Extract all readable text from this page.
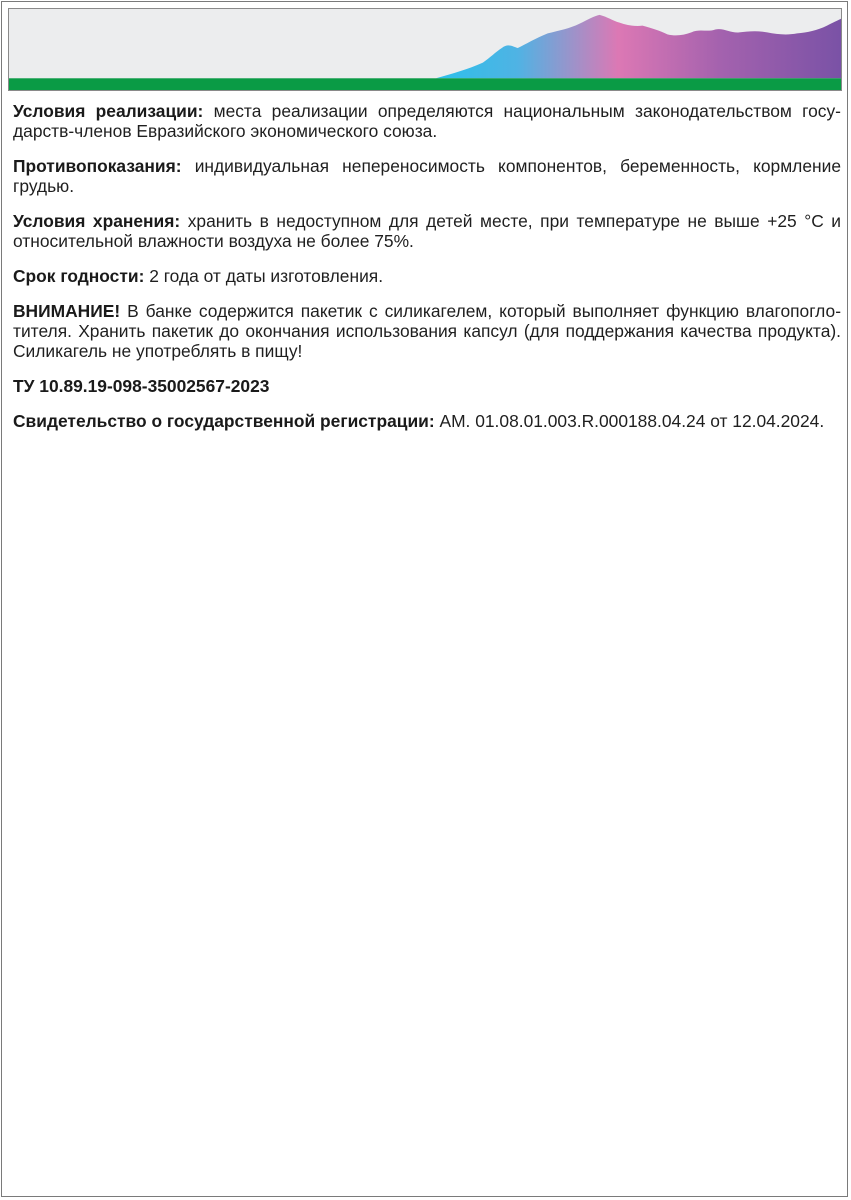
Условия реализации: места реализации определяются национальным законодательством госу-
дарств-членов Евразийского экономического союза.
Противопоказания: индивидуальная непереносимость компонентов, беременность, кормление
грудью.
Условия хранения: хранить в недоступном для детей месте, при температуре не выше +25 °C и
относительной влажности воздуха не более 75%.
Срок годности: 2 года от даты изготовления.
ВНИМАНИЕ! В банке содержится пакетик с силикагелем, который выполняет функцию влагопогло-
тителя. Хранить пакетик до окончания использования капсул (для поддержания качества продукта).
Силикагель не употреблять в пищу!
ТУ 10.89.19-098-35002567-2023
Свидетельство о государственной регистрации: AM. 01.08.01.003.R.000188.04.24 от 12.04.2024.
